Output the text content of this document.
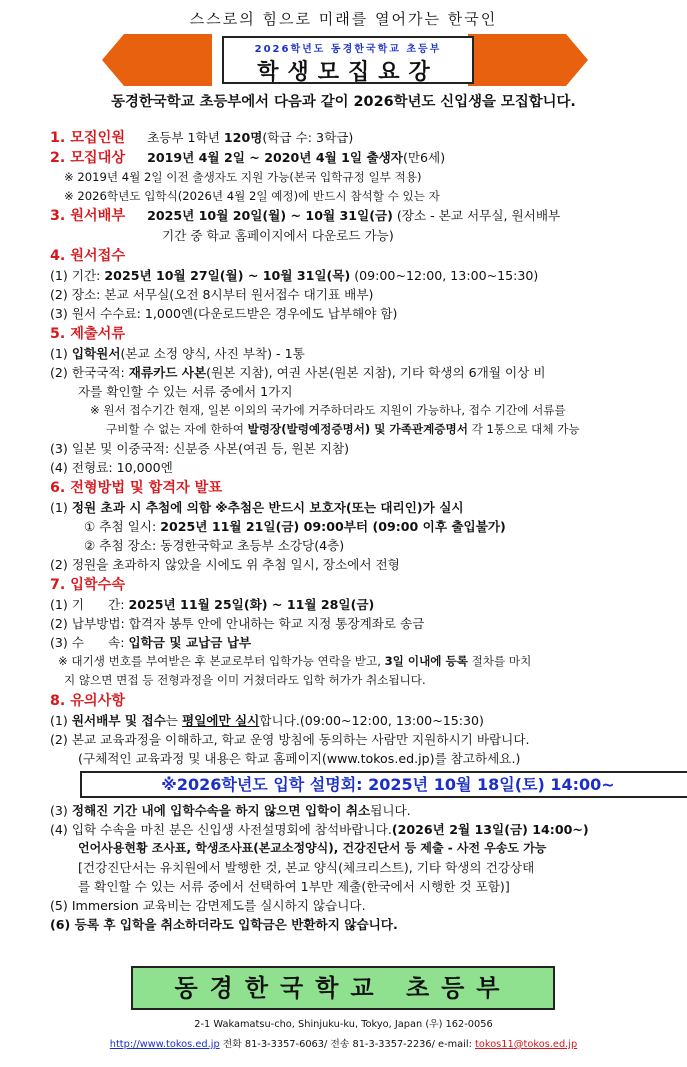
스스로의 힘으로 미래를 열어가는 한국인
2026학년도 동경한국학교 초등부
학생모집요강
동경한국학교 초등부에서 다음과 같이 2026학년도 신입생을 모집합니다.
1. 모집인원 초등부 1학년 120명(학급 수: 3학급)
2. 모집대상 2019년 4월 2일 ~ 2020년 4월 1일 출생자(만6세)
※ 2019년 4월 2일 이전 출생자도 지원 가능(본국 입학규정 일부 적용)
※ 2026학년도 입학식(2026년 4월 2일 예정)에 반드시 참석할 수 있는 자
3. 원서배부 2025년 10월 20일(월) ~ 10월 31일(금) (장소 - 본교 서무실, 원서배부
기간 중 학교 홈페이지에서 다운로드 가능)
4. 원서접수
(1) 기간: 2025년 10월 27일(월) ~ 10월 31일(목) (09:00~12:00, 13:00~15:30)
(2) 장소: 본교 서무실(오전 8시부터 원서접수 대기표 배부)
(3) 원서 수수료: 1,000엔(다운로드받은 경우에도 납부해야 함)
5. 제출서류
(1) 입학원서(본교 소정 양식, 사진 부착) - 1통
(2) 한국국적: 재류카드 사본(원본 지참), 여권 사본(원본 지참), 기타 학생의 6개월 이상 비
자를 확인할 수 있는 서류 중에서 1가지
※ 원서 접수기간 현재, 일본 이외의 국가에 거주하더라도 지원이 가능하나, 접수 기간에 서류를
구비할 수 없는 자에 한하여 발령장(발령예정증명서) 및 가족관계증명서 각 1통으로 대체 가능
(3) 일본 및 이중국적: 신분증 사본(여권 등, 원본 지참)
(4) 전형료: 10,000엔
6. 전형방법 및 합격자 발표
(1) 정원 초과 시 추첨에 의함 ※추첨은 반드시 보호자(또는 대리인)가 실시
① 추첨 일시: 2025년 11월 21일(금) 09:00부터 (09:00 이후 출입불가)
② 추첨 장소: 동경한국학교 초등부 소강당(4층)
(2) 정원을 초과하지 않았을 시에도 위 추첨 일시, 장소에서 전형
7. 입학수속
(1) 기      간: 2025년 11월 25일(화) ~ 11월 28일(금)
(2) 납부방법: 합격자 봉투 안에 안내하는 학교 지정 통장계좌로 송금
(3) 수      속: 입학금 및 교납금 납부
※ 대기생 번호를 부여받은 후 본교로부터 입학가능 연락을 받고, 3일 이내에 등록 절차를 마치
지 않으면 면접 등 전형과정을 이미 거쳤더라도 입학 허가가 취소됩니다.
8. 유의사항
(1) 원서배부 및 접수는 평일에만 실시합니다.(09:00~12:00, 13:00~15:30)
(2) 본교 교육과정을 이해하고, 학교 운영 방침에 동의하는 사람만 지원하시기 바랍니다.
(구체적인 교육과정 및 내용은 학교 홈페이지(www.tokos.ed.jp)를 참고하세요.)
※2026학년도 입학 설명회: 2025년 10월 18일(토) 14:00~
(3) 정해진 기간 내에 입학수속을 하지 않으면 입학이 취소됩니다.
(4) 입학 수속을 마친 분은 신입생 사전설명회에 참석바랍니다.(2026년 2월 13일(금) 14:00~)
언어사용현황 조사표, 학생조사표(본교소정양식), 건강진단서 등 제출 - 사전 우송도 가능
[건강진단서는 유치원에서 발행한 것, 본교 양식(체크리스트), 기타 학생의 건강상태
를 확인할 수 있는 서류 중에서 선택하여 1부만 제출(한국에서 시행한 것 포함)]
(5) Immersion 교육비는 감면제도를 실시하지 않습니다.
(6) 등록 후 입학을 취소하더라도 입학금은 반환하지 않습니다.
동경한국학교 초등부
2-1 Wakamatsu-cho, Shinjuku-ku, Tokyo, Japan (우) 162-0056
http://www.tokos.ed.jp 전화 81-3-3357-6063/ 전송 81-3-3357-2236/ e-mail: tokos11@tokos.ed.jp
